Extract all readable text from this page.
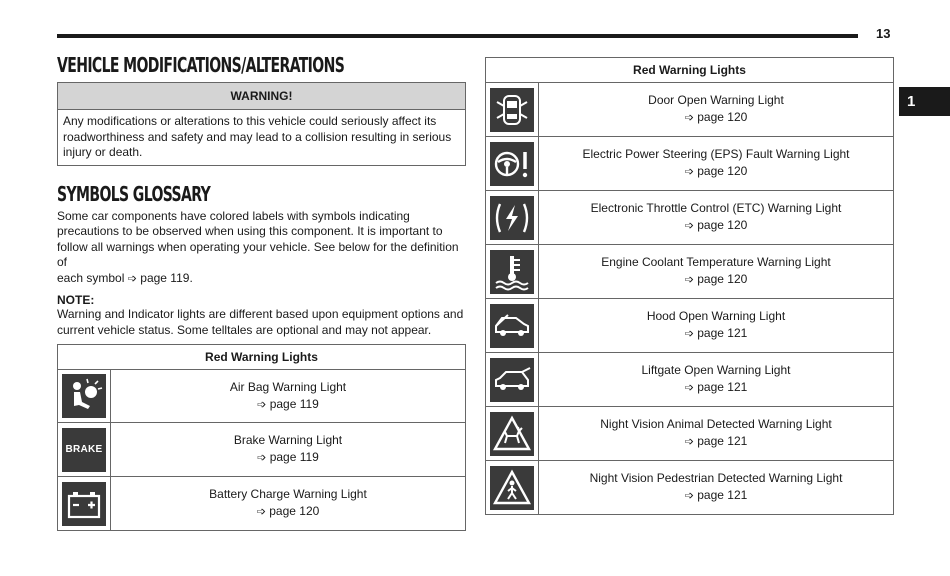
13
1
VEHICLE MODIFICATIONS/ALTERATIONS
WARNING!
Any modifications or alterations to this vehicle could seriously affect its roadworthiness and safety and may lead to a collision resulting in serious injury or death.
SYMBOLS GLOSSARY
Some car components have colored labels with symbols indicating
precautions to be observed when using this component. It is important to
follow all warnings when operating your vehicle. See below for the definition of
each symbol ➩ page 119.
NOTE:
Warning and Indicator lights are different based upon equipment options and
current vehicle status. Some telltales are optional and may not appear.
Red Warning Lights	

Air Bag Warning Light
➩ page 119

BRAKE	Brake Warning Light
➩ page 119

Battery Charge Warning Light
➩ page 120
Red Warning Lights	

Door Open Warning Light
➩ page 120

Electric Power Steering (EPS) Fault Warning Light
➩ page 120

Electronic Throttle Control (ETC) Warning Light
➩ page 120

Engine Coolant Temperature Warning Light
➩ page 120

Hood Open Warning Light
➩ page 121

Liftgate Open Warning Light
➩ page 121

Night Vision Animal Detected Warning Light
➩ page 121

Night Vision Pedestrian Detected Warning Light
➩ page 121
